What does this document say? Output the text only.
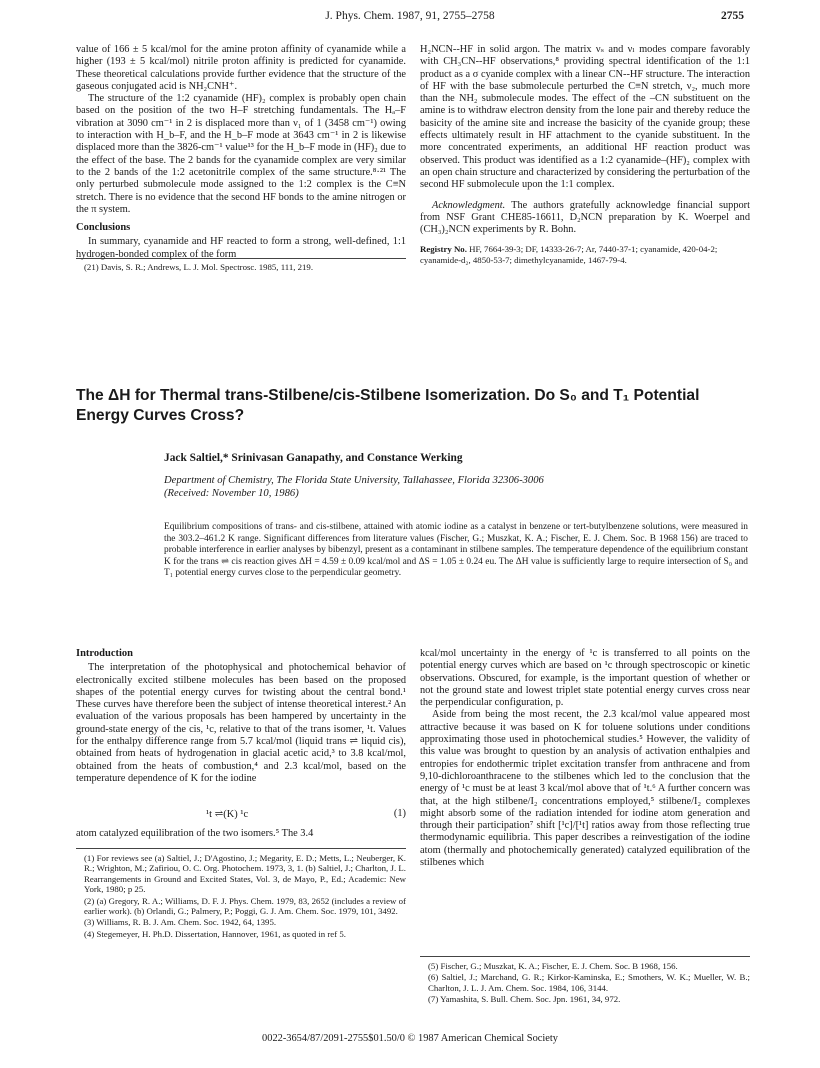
J. Phys. Chem. 1987, 91, 2755–2758	2755

value of 166 ± 5 kcal/mol for the amine proton affinity of cyanamide while a higher (193 ± 5 kcal/mol) nitrile proton affinity is predicted for cyanamide. These theoretical calculations provide further evidence that the structure of the gaseous conjugated acid is NH₂CNH⁺.

The structure of the 1:2 cyanamide (HF)₂ complex is probably open chain based on the position of the two H–F stretching fundamentals. The Hₐ–F vibration at 3090 cm⁻¹ in 2 is displaced more than ν₁ of 1 (3458 cm⁻¹) owing to interaction with H_b–F, and the H_b–F mode at 3643 cm⁻¹ in 2 is likewise displaced more than the 3826-cm⁻¹ value¹³ for the H_b–F mode in (HF)₂ due to the effect of the base. The 2 bands for the cyanamide complex are very similar to the 2 bands of the 1:2 acetonitrile complex of the same structure.⁸·²¹ The only perturbed submolecule mode assigned to the 1:2 complex is the C≡N stretch. There is no evidence that the second HF bonds to the amine nitrogen or the π system.

Conclusions

In summary, cyanamide and HF reacted to form a strong, well-defined, 1:1 hydrogen-bonded complex of the form

(21) Davis, S. R.; Andrews, L. J. Mol. Spectrosc. 1985, 111, 219.

H₂NCN--HF in solid argon. The matrix νₛ and νₗ modes compare favorably with CH₃CN--HF observations,⁸ providing spectral identification of the 1:1 product as a σ cyanide complex with a linear CN--HF structure. The interaction of HF with the base submolecule perturbed the C≡N stretch, ν₂, much more than the NH₂ submolecule modes. The effect of the –CN substituent on the amine is to withdraw electron density from the lone pair and thereby reduce the basicity of the amine site and increase the basicity of the cyanide group; these effects ultimately result in HF attachment to the cyanide substituent. In the more concentrated experiments, an additional HF reaction product was observed. This product was identified as a 1:2 cyanamide–(HF)₂ complex with an open chain structure and characterized by considering the perturbation of the second HF submolecule upon the 1:1 complex.

Acknowledgment. The authors gratefully acknowledge financial support from NSF Grant CHE85-16611, D₂NCN preparation by K. Woerpel and (CH₃)₂NCN experiments by R. Bohn.

Registry No. HF, 7664-39-3; DF, 14333-26-7; Ar, 7440-37-1; cyanamide, 420-04-2; cyanamide-d₂, 4850-53-7; dimethylcyanamide, 1467-79-4.
The ΔH for Thermal trans-Stilbene/cis-Stilbene Isomerization. Do S₀ and T₁ Potential Energy Curves Cross?
Jack Saltiel,* Srinivasan Ganapathy, and Constance Werking
Department of Chemistry, The Florida State University, Tallahassee, Florida 32306-3006
(Received: November 10, 1986)
Equilibrium compositions of trans- and cis-stilbene, attained with atomic iodine as a catalyst in benzene or tert-butylbenzene solutions, were measured in the 303.2–461.2 K range. Significant differences from literature values (Fischer, G.; Muszkat, K. A.; Fischer, E. J. Chem. Soc. B 1968 156) are traced to probable interference in earlier analyses by bibenzyl, present as a contaminant in stilbene samples. The temperature dependence of the equilibrium constant K for the trans ⇌ cis reaction gives ΔH = 4.59 ± 0.09 kcal/mol and ΔS = 1.05 ± 0.24 eu. The ΔH value is sufficiently large to require intersection of S₀ and T₁ potential energy curves close to the perpendicular geometry.
Introduction

The interpretation of the photophysical and photochemical behavior of electronically excited stilbene molecules has been based on the proposed shapes of the potential energy curves for twisting about the central bond.¹ These curves have therefore been the subject of intense theoretical interest.² An evaluation of the various proposals has been hampered by uncertainty in the ground-state energy of the cis, ¹c, relative to that of the trans isomer, ¹t. Values for the enthalpy difference range from 5.7 kcal/mol (liquid trans ⇌ liquid cis), obtained from heats of hydrogenation in glacial acetic acid,³ to 3.8 kcal/mol, obtained from the heats of combustion,⁴ and 2.3 kcal/mol, based on the temperature dependence of K for the iodine

¹t ⇌(K) ¹c	(1)

atom catalyzed equilibration of the two isomers.⁵ The 3.4

(1) For reviews see (a) Saltiel, J.; D'Agostino, J.; Megarity, E. D.; Metts, L.; Neuberger, K. R.; Wrighton, M.; Zafiriou, O. C. Org. Photochem. 1973, 3, 1. (b) Saltiel, J.; Charlton, J. L. Rearrangements in Ground and Excited States, Vol. 3, de Mayo, P., Ed.; Academic: New York, 1980; p 25.
(2) (a) Gregory, R. A.; Williams, D. F. J. Phys. Chem. 1979, 83, 2652 (includes a review of earlier work). (b) Orlandi, G.; Palmery, P.; Poggi, G. J. Am. Chem. Soc. 1979, 101, 3492.
(3) Williams, R. B. J. Am. Chem. Soc. 1942, 64, 1395.
(4) Stegemeyer, H. Ph.D. Dissertation, Hannover, 1961, as quoted in ref 5.

kcal/mol uncertainty in the energy of ¹c is transferred to all points on the potential energy curves which are based on ¹c through spectroscopic or kinetic observations. Obscured, for example, is the important question of whether or not the ground state and lowest triplet state potential energy curves cross near the perpendicular configuration, p.

Aside from being the most recent, the 2.3 kcal/mol value appeared most attractive because it was based on K for toluene solutions under conditions approximating those used in photochemical studies.⁵ However, the validity of this value was brought to question by an analysis of activation enthalpies and entropies for endothermic triplet excitation transfer from anthracene and from 9,10-dichloroanthracene to the stilbenes which led to the conclusion that the energy of ¹c must be at least 3 kcal/mol above that of ¹t.⁶ A further concern was that, at the high stilbene/I₂ concentrations employed,⁵ stilbene/I₂ complexes might absorb some of the radiation intended for iodine atom generation and through their participation⁷ shift [¹c]/[¹t] ratios away from those reflecting true thermodynamic equilibria. This paper describes a reinvestigation of the iodine atom (thermally and photochemically generated) catalyzed equilibration of the stilbenes which

(5) Fischer, G.; Muszkat, K. A.; Fischer, E. J. Chem. Soc. B 1968, 156.
(6) Saltiel, J.; Marchand, G. R.; Kirkor-Kaminska, E.; Smothers, W. K.; Mueller, W. B.; Charlton, J. L. J. Am. Chem. Soc. 1984, 106, 3144.
(7) Yamashita, S. Bull. Chem. Soc. Jpn. 1961, 34, 972.
0022-3654/87/2091-2755$01.50/0 © 1987 American Chemical Society
